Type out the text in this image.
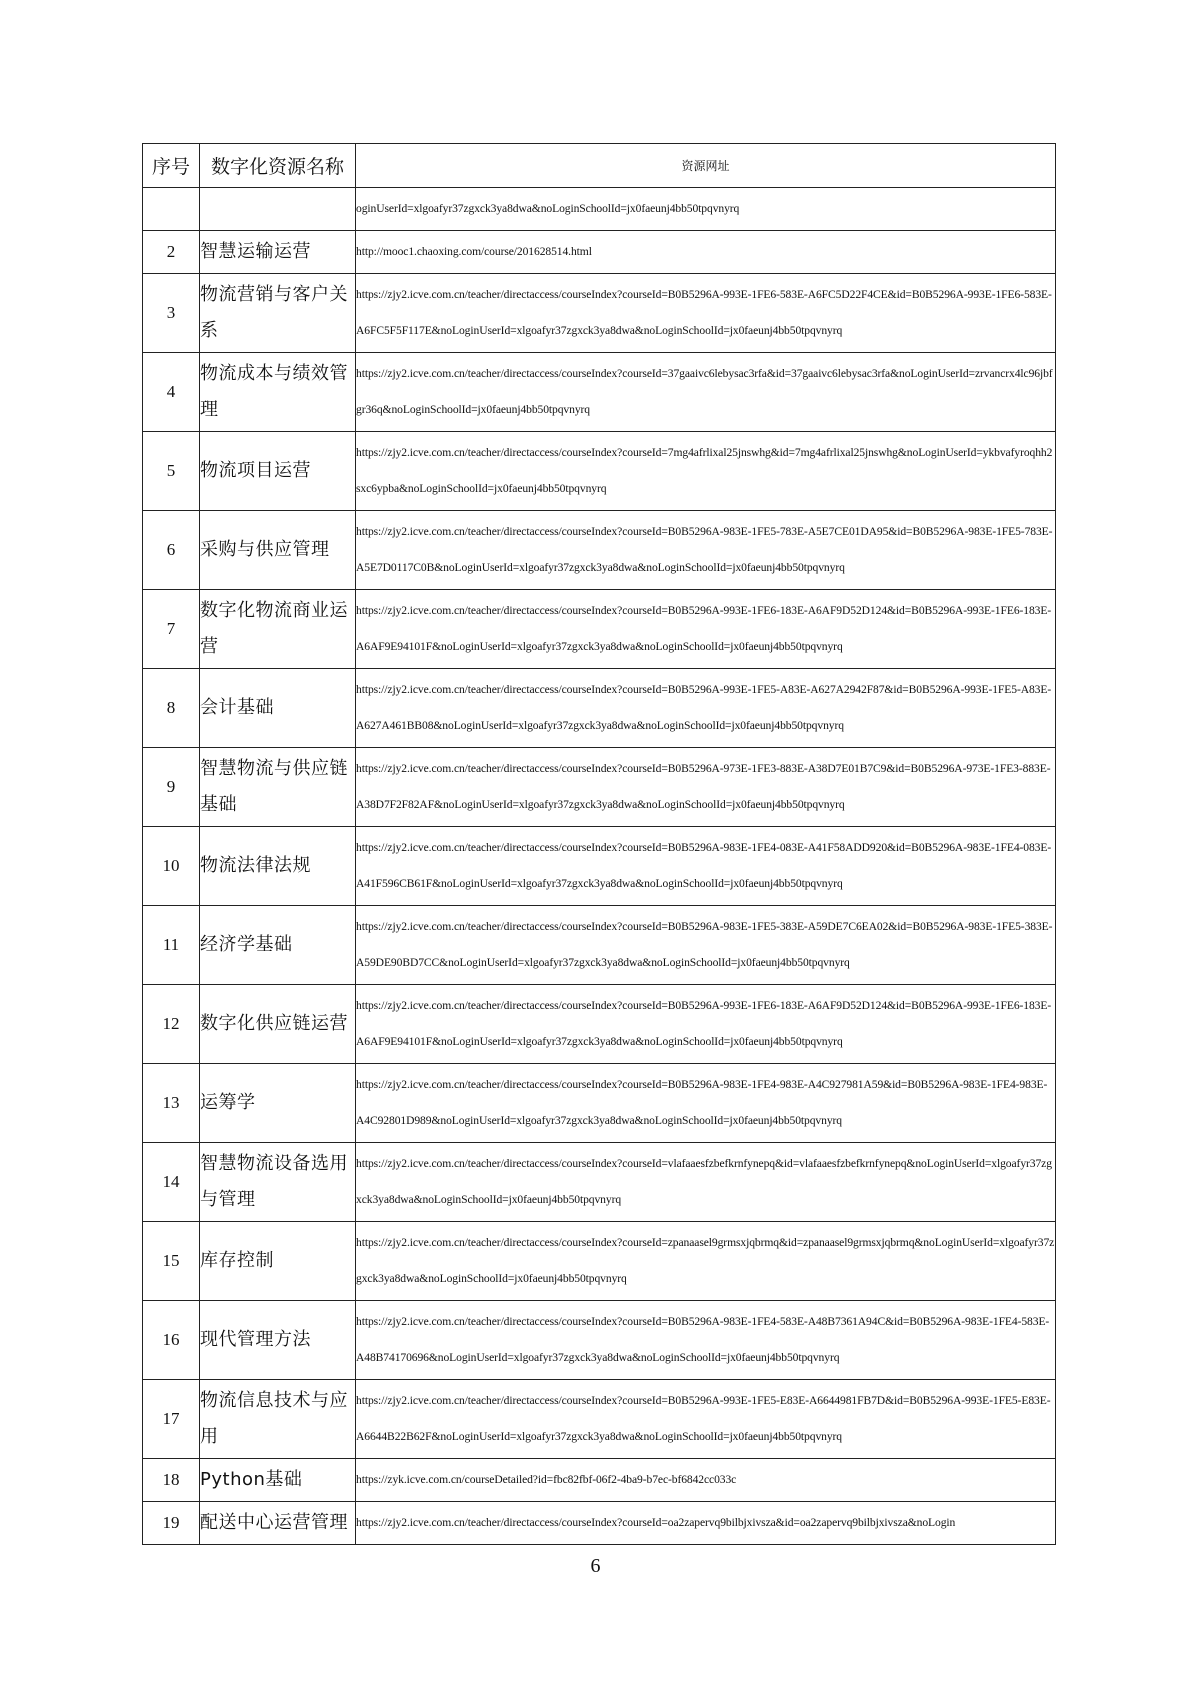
序号	数字化资源名称	资源网址
		oginUserId=xlgoafyr37zgxck3ya8dwa&noLoginSchoolId=jx0faeunj4bb50tpqvnyrq
2	智慧运输运营	http://mooc1.chaoxing.com/course/201628514.html
3	物流营销与客户关系	https://zjy2.icve.com.cn/teacher/directaccess/courseIndex?courseId=B0B5296A-993E-1FE6-583E-A6FC5D22F4CE&id=B0B5296A-993E-1FE6-583E-A6FC5F5F117E&noLoginUserId=xlgoafyr37zgxck3ya8dwa&noLoginSchoolId=jx0faeunj4bb50tpqvnyrq
4	物流成本与绩效管理	https://zjy2.icve.com.cn/teacher/directaccess/courseIndex?courseId=37gaaivc6lebysac3rfa&id=37gaaivc6lebysac3rfa&noLoginUserId=zrvancrx4lc96jbfgr36q&noLoginSchoolId=jx0faeunj4bb50tpqvnyrq
5	物流项目运营	https://zjy2.icve.com.cn/teacher/directaccess/courseIndex?courseId=7mg4afrlixal25jnswhg&id=7mg4afrlixal25jnswhg&noLoginUserId=ykbvafyroqhh2sxc6ypba&noLoginSchoolId=jx0faeunj4bb50tpqvnyrq
6	采购与供应管理	https://zjy2.icve.com.cn/teacher/directaccess/courseIndex?courseId=B0B5296A-983E-1FE5-783E-A5E7CE01DA95&id=B0B5296A-983E-1FE5-783E-A5E7D0117C0B&noLoginUserId=xlgoafyr37zgxck3ya8dwa&noLoginSchoolId=jx0faeunj4bb50tpqvnyrq
7	数字化物流商业运营	https://zjy2.icve.com.cn/teacher/directaccess/courseIndex?courseId=B0B5296A-993E-1FE6-183E-A6AF9D52D124&id=B0B5296A-993E-1FE6-183E-A6AF9E94101F&noLoginUserId=xlgoafyr37zgxck3ya8dwa&noLoginSchoolId=jx0faeunj4bb50tpqvnyrq
8	会计基础	https://zjy2.icve.com.cn/teacher/directaccess/courseIndex?courseId=B0B5296A-993E-1FE5-A83E-A627A2942F87&id=B0B5296A-993E-1FE5-A83E-A627A461BB08&noLoginUserId=xlgoafyr37zgxck3ya8dwa&noLoginSchoolId=jx0faeunj4bb50tpqvnyrq
9	智慧物流与供应链基础	https://zjy2.icve.com.cn/teacher/directaccess/courseIndex?courseId=B0B5296A-973E-1FE3-883E-A38D7E01B7C9&id=B0B5296A-973E-1FE3-883E-A38D7F2F82AF&noLoginUserId=xlgoafyr37zgxck3ya8dwa&noLoginSchoolId=jx0faeunj4bb50tpqvnyrq
10	物流法律法规	https://zjy2.icve.com.cn/teacher/directaccess/courseIndex?courseId=B0B5296A-983E-1FE4-083E-A41F58ADD920&id=B0B5296A-983E-1FE4-083E-A41F596CB61F&noLoginUserId=xlgoafyr37zgxck3ya8dwa&noLoginSchoolId=jx0faeunj4bb50tpqvnyrq
11	经济学基础	https://zjy2.icve.com.cn/teacher/directaccess/courseIndex?courseId=B0B5296A-983E-1FE5-383E-A59DE7C6EA02&id=B0B5296A-983E-1FE5-383E-A59DE90BD7CC&noLoginUserId=xlgoafyr37zgxck3ya8dwa&noLoginSchoolId=jx0faeunj4bb50tpqvnyrq
12	数字化供应链运营	https://zjy2.icve.com.cn/teacher/directaccess/courseIndex?courseId=B0B5296A-993E-1FE6-183E-A6AF9D52D124&id=B0B5296A-993E-1FE6-183E-A6AF9E94101F&noLoginUserId=xlgoafyr37zgxck3ya8dwa&noLoginSchoolId=jx0faeunj4bb50tpqvnyrq
13	运筹学	https://zjy2.icve.com.cn/teacher/directaccess/courseIndex?courseId=B0B5296A-983E-1FE4-983E-A4C927981A59&id=B0B5296A-983E-1FE4-983E-A4C92801D989&noLoginUserId=xlgoafyr37zgxck3ya8dwa&noLoginSchoolId=jx0faeunj4bb50tpqvnyrq
14	智慧物流设备选用与管理	https://zjy2.icve.com.cn/teacher/directaccess/courseIndex?courseId=vlafaaesfzbefkrnfynepq&id=vlafaaesfzbefkrnfynepq&noLoginUserId=xlgoafyr37zgxck3ya8dwa&noLoginSchoolId=jx0faeunj4bb50tpqvnyrq
15	库存控制	https://zjy2.icve.com.cn/teacher/directaccess/courseIndex?courseId=zpanaasel9grmsxjqbrmq&id=zpanaasel9grmsxjqbrmq&noLoginUserId=xlgoafyr37zgxck3ya8dwa&noLoginSchoolId=jx0faeunj4bb50tpqvnyrq
16	现代管理方法	https://zjy2.icve.com.cn/teacher/directaccess/courseIndex?courseId=B0B5296A-983E-1FE4-583E-A48B7361A94C&id=B0B5296A-983E-1FE4-583E-A48B74170696&noLoginUserId=xlgoafyr37zgxck3ya8dwa&noLoginSchoolId=jx0faeunj4bb50tpqvnyrq
17	物流信息技术与应用	https://zjy2.icve.com.cn/teacher/directaccess/courseIndex?courseId=B0B5296A-993E-1FE5-E83E-A6644981FB7D&id=B0B5296A-993E-1FE5-E83E-A6644B22B62F&noLoginUserId=xlgoafyr37zgxck3ya8dwa&noLoginSchoolId=jx0faeunj4bb50tpqvnyrq
18	Python基础	https://zyk.icve.com.cn/courseDetailed?id=fbc82fbf-06f2-4ba9-b7ec-bf6842cc033c
19	配送中心运营管理	https://zjy2.icve.com.cn/teacher/directaccess/courseIndex?courseId=oa2zapervq9bilbjxivsza&id=oa2zapervq9bilbjxivsza&noLogin
6
